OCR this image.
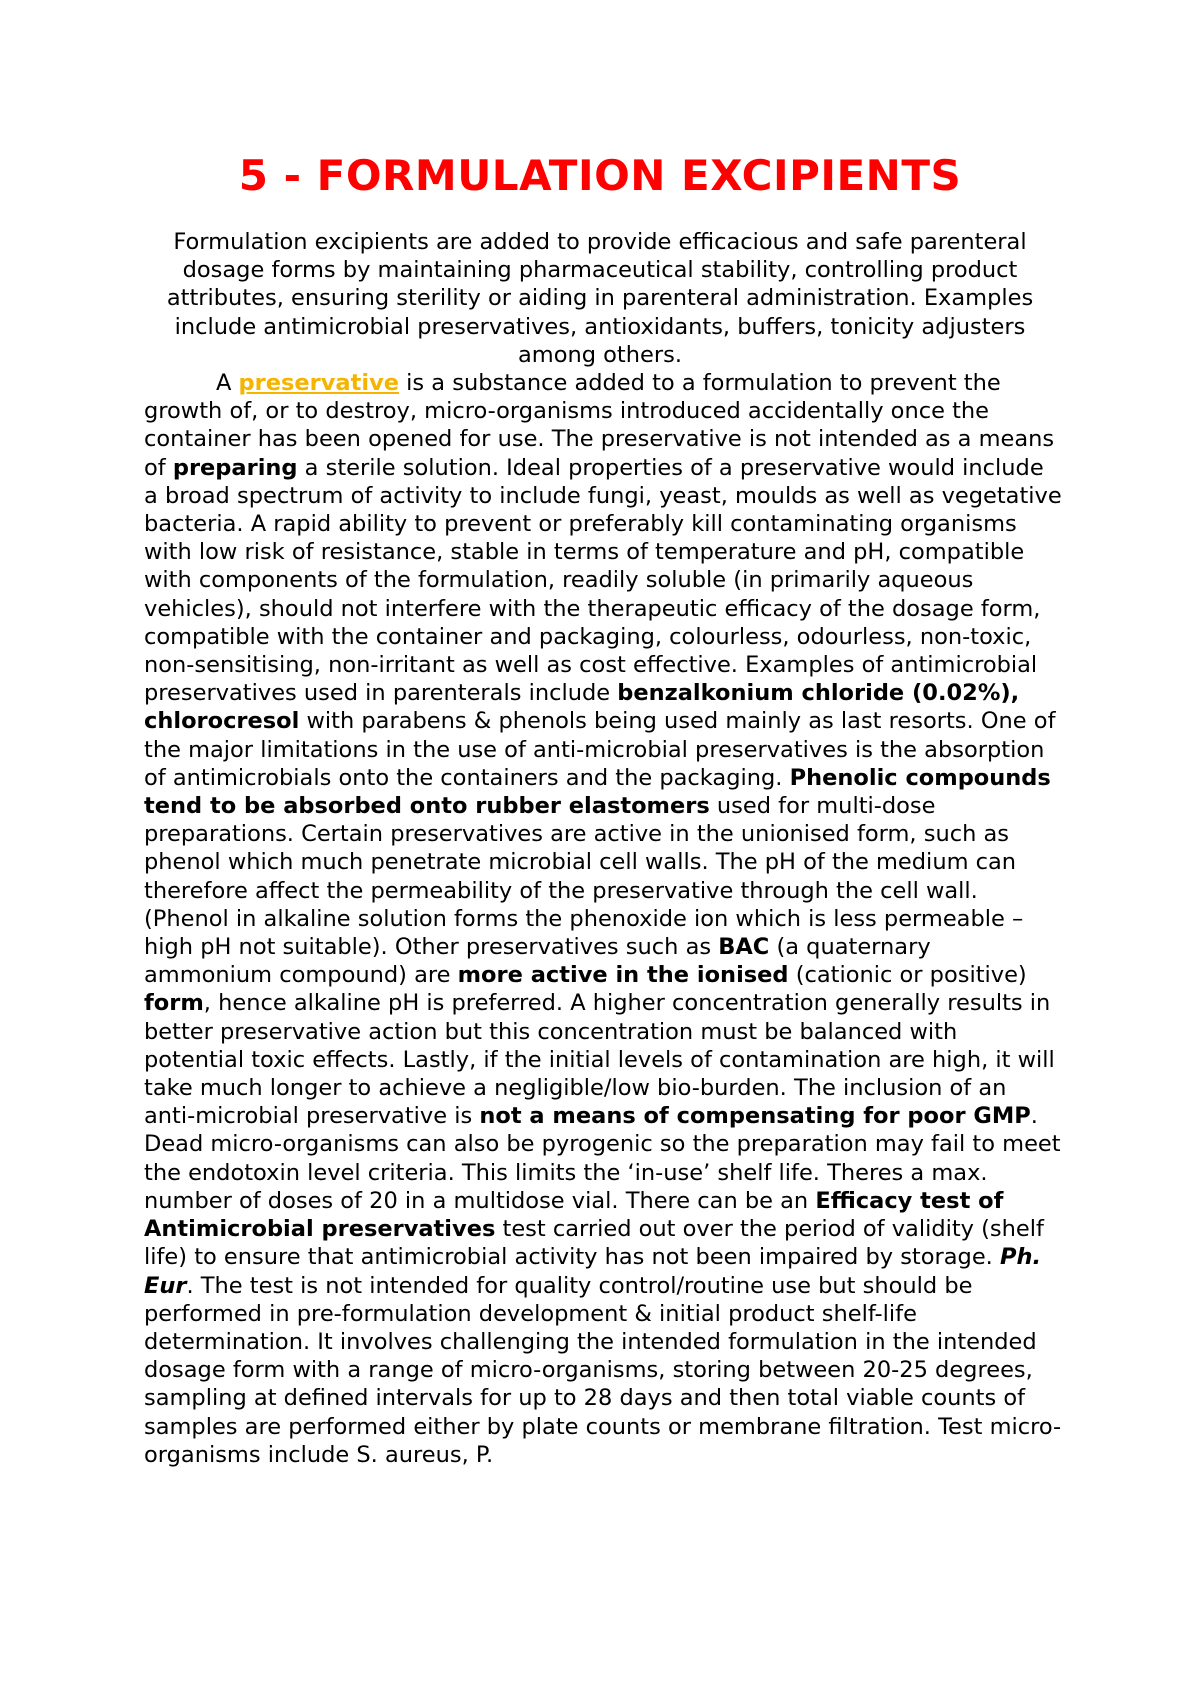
5 - FORMULATION EXCIPIENTS

Formulation excipients are added to provide efficacious and safe parenteral dosage forms by maintaining pharmaceutical stability, controlling product attributes, ensuring sterility or aiding in parenteral administration. Examples include antimicrobial preservatives, antioxidants, buffers, tonicity adjusters among others.

A preservative is a substance added to a formulation to prevent the growth of, or to destroy, micro-organisms introduced accidentally once the container has been opened for use. The preservative is not intended as a means of preparing a sterile solution. Ideal properties of a preservative would include a broad spectrum of activity to include fungi, yeast, moulds as well as vegetative bacteria. A rapid ability to prevent or preferably kill contaminating organisms with low risk of resistance, stable in terms of temperature and pH, compatible with components of the formulation, readily soluble (in primarily aqueous vehicles), should not interfere with the therapeutic efficacy of the dosage form, compatible with the container and packaging, colourless, odourless, non-toxic, non-sensitising, non-irritant as well as cost effective. Examples of antimicrobial preservatives used in parenterals include benzalkonium chloride (0.02%), chlorocresol with parabens & phenols being used mainly as last resorts. One of the major limitations in the use of anti-microbial preservatives is the absorption of antimicrobials onto the containers and the packaging. Phenolic compounds tend to be absorbed onto rubber elastomers used for multi-dose preparations. Certain preservatives are active in the unionised form, such as phenol which much penetrate microbial cell walls. The pH of the medium can therefore affect the permeability of the preservative through the cell wall. (Phenol in alkaline solution forms the phenoxide ion which is less permeable – high pH not suitable). Other preservatives such as BAC (a quaternary ammonium compound) are more active in the ionised (cationic or positive) form, hence alkaline pH is preferred. A higher concentration generally results in better preservative action but this concentration must be balanced with potential toxic effects. Lastly, if the initial levels of contamination are high, it will take much longer to achieve a negligible/low bio-burden. The inclusion of an anti-microbial preservative is not a means of compensating for poor GMP. Dead micro-organisms can also be pyrogenic so the preparation may fail to meet the endotoxin level criteria. This limits the ‘in-use’ shelf life. Theres a max. number of doses of 20 in a multidose vial. There can be an Efficacy test of Antimicrobial preservatives test carried out over the period of validity (shelf life) to ensure that antimicrobial activity has not been impaired by storage. Ph. Eur. The test is not intended for quality control/routine use but should be performed in pre-formulation development & initial product shelf-life determination. It involves challenging the intended formulation in the intended dosage form with a range of micro-organisms, storing between 20-25 degrees, sampling at defined intervals for up to 28 days and then total viable counts of samples are performed either by plate counts or membrane filtration. Test micro-organisms include S. aureus, P.
